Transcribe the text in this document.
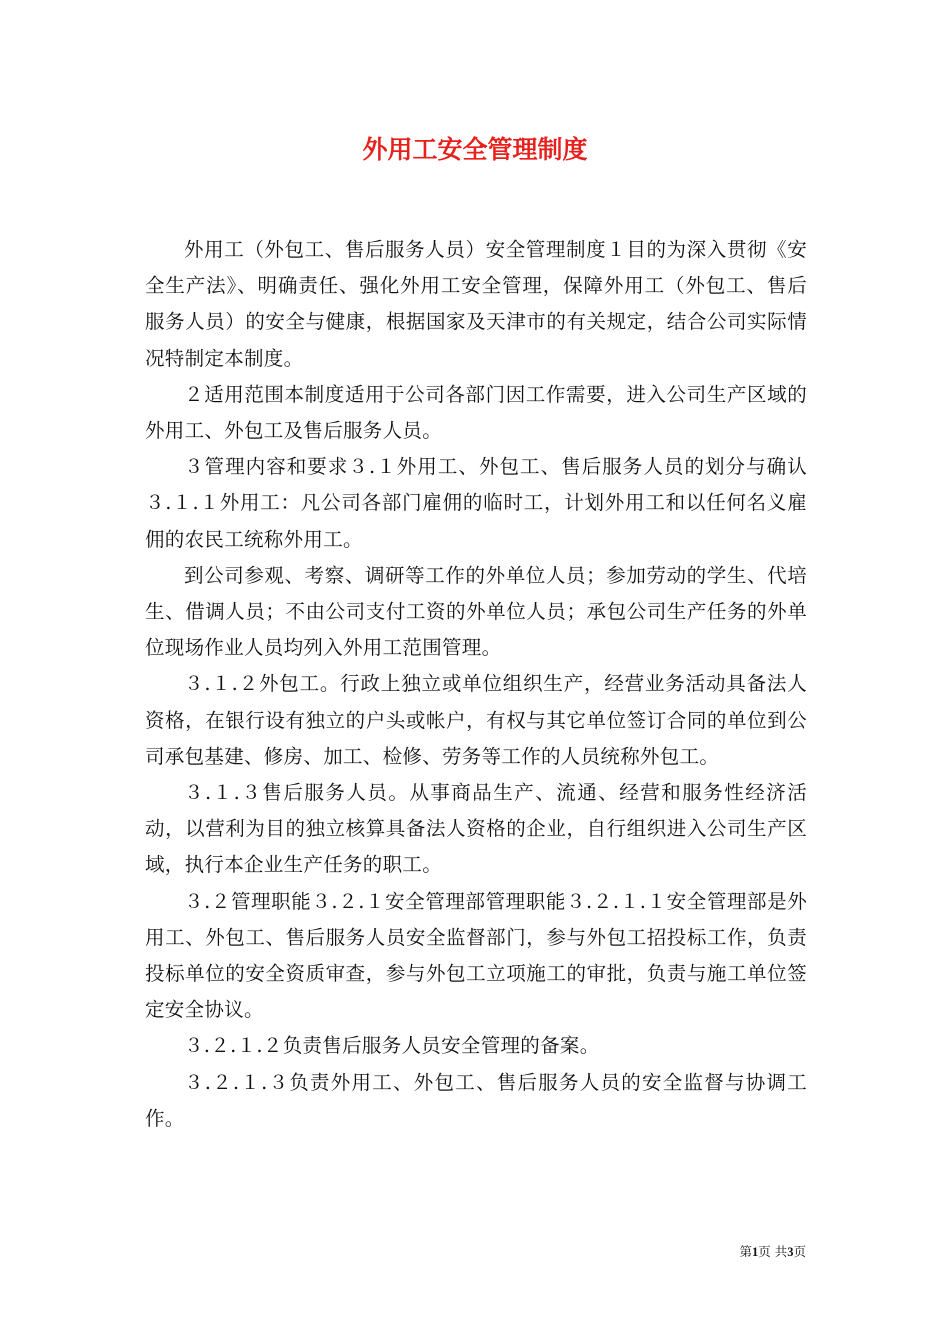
外用工安全管理制度

外用工（外包工、售后服务人员）安全管理制度１目的为深入贯彻《安全生产法》、明确责任、强化外用工安全管理，保障外用工（外包工、售后服务人员）的安全与健康，根据国家及天津市的有关规定，结合公司实际情况特制定本制度。

２适用范围本制度适用于公司各部门因工作需要，进入公司生产区域的外用工、外包工及售后服务人员。

３管理内容和要求３.１外用工、外包工、售后服务人员的划分与确认３.１.１外用工：凡公司各部门雇佣的临时工，计划外用工和以任何名义雇佣的农民工统称外用工。

到公司参观、考察、调研等工作的外单位人员；参加劳动的学生、代培生、借调人员；不由公司支付工资的外单位人员；承包公司生产任务的外单位现场作业人员均列入外用工范围管理。

３.１.２外包工。行政上独立或单位组织生产，经营业务活动具备法人资格，在银行设有独立的户头或帐户，有权与其它单位签订合同的单位到公司承包基建、修房、加工、检修、劳务等工作的人员统称外包工。

３.１.３售后服务人员。从事商品生产、流通、经营和服务性经济活动，以营利为目的独立核算具备法人资格的企业，自行组织进入公司生产区域，执行本企业生产任务的职工。

３.２管理职能３.２.１安全管理部管理职能３.２.１.１安全管理部是外用工、外包工、售后服务人员安全监督部门，参与外包工招投标工作，负责投标单位的安全资质审查，参与外包工立项施工的审批，负责与施工单位签定安全协议。

３.２.１.２负责售后服务人员安全管理的备案。

３.２.１.３负责外用工、外包工、售后服务人员的安全监督与协调工作。

第1页 共3页
